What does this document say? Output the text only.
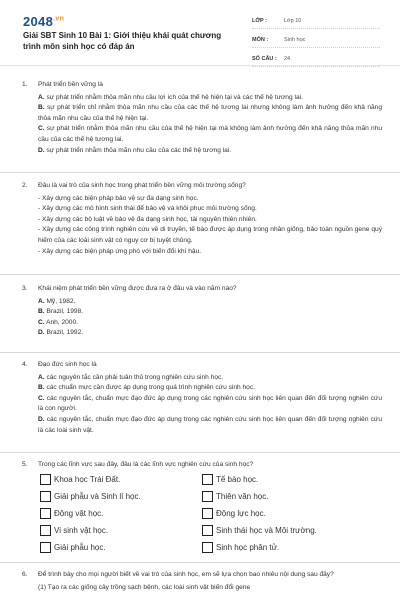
$2048^{.vn}$
Giải SBT Sinh 10 Bài 1: Giới thiệu khái quát chương trình môn sinh học có đáp án
LỚP :	Lớp 10
MÔN :	Sinh học
SỐ CÂU :	24
1.	Phát triển bền vững là
A. sự phát triển nhằm thỏa mãn nhu cầu lợi ích của thế hệ hiện tại và các thế hệ tương lai.
B. sự phát triển chỉ nhằm thỏa mãn nhu cầu của các thế hệ tương lai nhưng không làm ảnh hưởng đến khả năng thỏa mãn nhu cầu của thế hệ hiện tại.
C. sự phát triển nhằm thỏa mãn nhu cầu của thế hệ hiện tại mà không làm ảnh hưởng đến khả năng thỏa mãn nhu cầu của các thế hệ tương lai.
D. sự phát triển nhằm thỏa mãn nhu cầu của các thế hệ tương lai.
2.	Đâu là vai trò của sinh học trong phát triển bền vững môi trường sống?
- Xây dựng các biện pháp bảo vệ sự đa dạng sinh học.
- Xây dựng các mô hình sinh thái để bảo vệ và khôi phục môi trường sống.
- Xây dựng các bộ luật về bảo vệ đa dạng sinh học, tài nguyên thiên nhiên.
- Xây dựng các công trình nghiên cứu về di truyền, tế bào được áp dụng trong nhân giống, bảo toàn nguồn gene quý hiếm của các loài sinh vật có nguy cơ bị tuyệt chủng.
- Xây dựng các biện pháp ứng phó với biến đổi khí hậu.
3.	Khái niệm phát triển bền vững được đưa ra ở đâu và vào năm nào?
A. Mỹ, 1982.
B. Brazil, 1998.
C. Anh, 2000.
D. Brazil, 1992.
4.	Đạo đức sinh học là
A. các nguyên tắc cần phải tuân thủ trong nghiên cứu sinh học.
B. các chuẩn mực cần được áp dụng trong quá trình nghiên cứu sinh học.
C. các nguyên tắc, chuẩn mực đạo đức áp dụng trong các nghiên cứu sinh học liên quan đến đối tượng nghiên cứu là con người.
D. các nguyên tắc, chuẩn mực đạo đức áp dụng trong các nghiên cứu sinh học liên quan đến đối tượng nghiên cứu là các loài sinh vật.
5.	Trong các lĩnh vực sau đây, đâu là các lĩnh vực nghiên cứu của sinh học?
Khoa học Trái Đất.	Tế bào học.
Giải phẫu và Sinh lí học.	Thiên văn học.
Động vật học.	Động lực học.
Vi sinh vật học.	Sinh thái học và Môi trường.
Giải phẫu học.	Sinh học phân tử.
6.	Để trình bày cho mọi người biết về vai trò của sinh học, em sẽ lựa chọn bao nhiêu nội dung sau đây?
(1) Tạo ra các giống cây trồng sạch bệnh, các loài sinh vật biến đổi gene
